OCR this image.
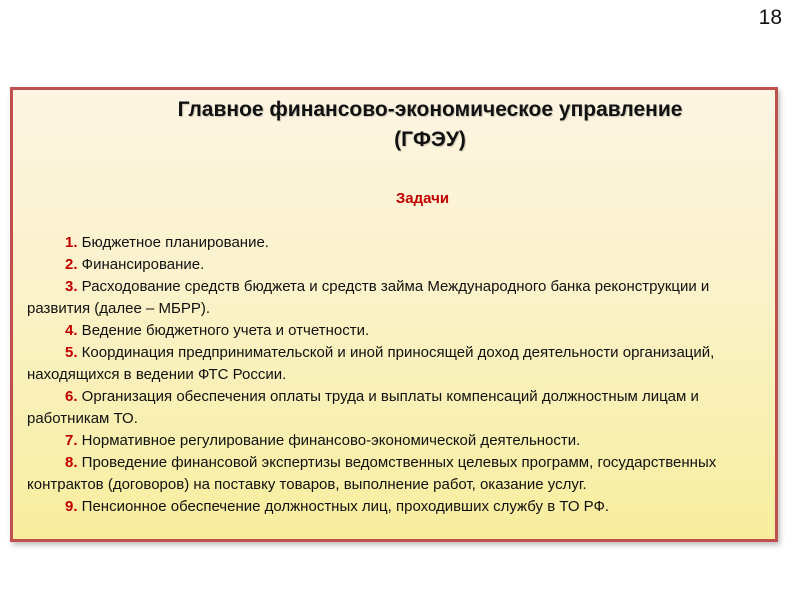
18
Главное финансово-экономическое управление
(ГФЭУ)
Задачи
1. Бюджетное планирование.
2. Финансирование.
3. Расходование средств бюджета и средств займа Международного банка реконструкции и развития (далее – МБРР).
4. Ведение бюджетного учета и отчетности.
5. Координация предпринимательской и иной приносящей доход деятельности организаций, находящихся в ведении ФТС России.
6. Организация обеспечения оплаты труда и выплаты компенсаций должностным лицам и работникам ТО.
7. Нормативное регулирование финансово-экономической деятельности.
8. Проведение финансовой экспертизы ведомственных целевых программ, государственных контрактов (договоров) на поставку товаров, выполнение работ, оказание услуг.
9. Пенсионное обеспечение должностных лиц, проходивших службу в ТО РФ.
